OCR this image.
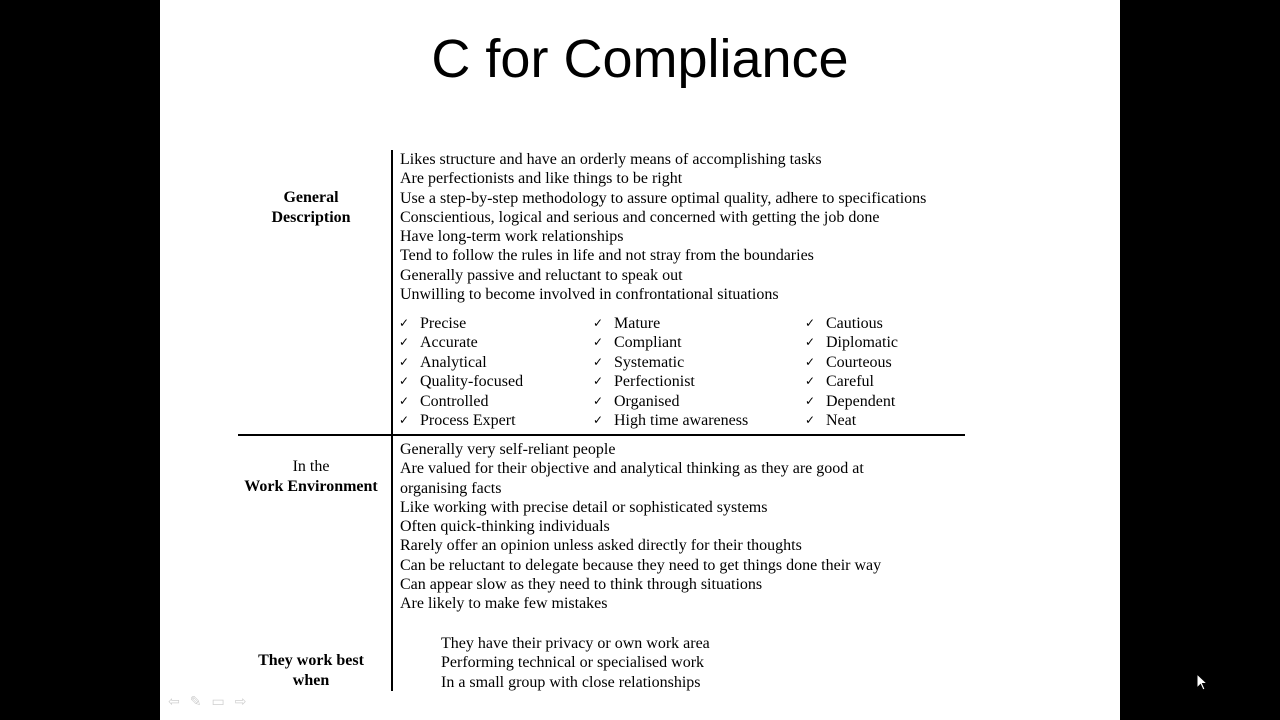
C for Compliance
General
Description
In the
Work Environment
They work best
when
Likes structure and have an orderly means of accomplishing tasks
Are perfectionists and like things to be right
Use a step-by-step methodology to assure optimal quality, adhere to specifications
Conscientious, logical and serious and concerned with getting the job done
Have long-term work relationships
Tend to follow the rules in life and not stray from the boundaries
Generally passive and reluctant to speak out
Unwilling to become involved in confrontational situations
✓ Precise
✓ Accurate
✓ Analytical
✓ Quality-focused
✓ Controlled
✓ Process Expert
✓ Mature
✓ Compliant
✓ Systematic
✓ Perfectionist
✓ Organised
✓ High time awareness
✓ Cautious
✓ Diplomatic
✓ Courteous
✓ Careful
✓ Dependent
✓ Neat
Generally very self-reliant people
Are valued for their objective and analytical thinking as they are good at
organising facts
Like working with precise detail or sophisticated systems
Often quick-thinking individuals
Rarely offer an opinion unless asked directly for their thoughts
Can be reluctant to delegate because they need to get things done their way
Can appear slow as they need to think through situations
Are likely to make few mistakes
They have their privacy or own work area
Performing technical or specialised work
In a small group with close relationships
⇦ ✎ ▭ ⇨
